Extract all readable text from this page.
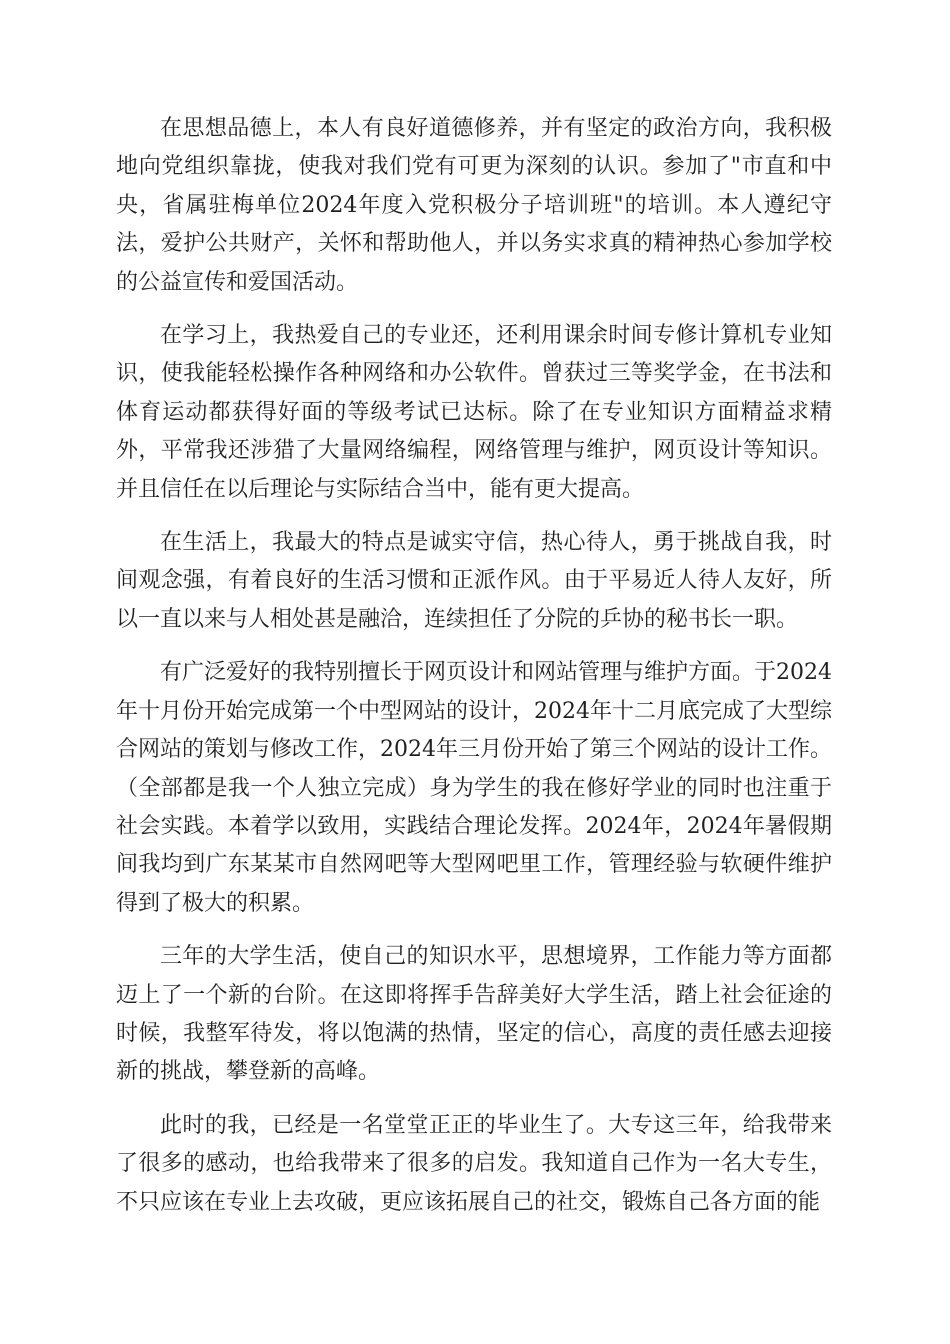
在思想品德上，本人有良好道德修养，并有坚定的政治方向，我积极地向党组织靠拢，使我对我们党有可更为深刻的认识。参加了"市直和中央，省属驻梅单位2024年度入党积极分子培训班"的培训。本人遵纪守法，爱护公共财产，关怀和帮助他人，并以务实求真的精神热心参加学校的公益宣传和爱国活动。

在学习上，我热爱自己的专业还，还利用课余时间专修计算机专业知识，使我能轻松操作各种网络和办公软件。曾获过三等奖学金，在书法和体育运动都获得好面的等级考试已达标。除了在专业知识方面精益求精外，平常我还涉猎了大量网络编程，网络管理与维护，网页设计等知识。并且信任在以后理论与实际结合当中，能有更大提高。

在生活上，我最大的特点是诚实守信，热心待人，勇于挑战自我，时间观念强，有着良好的生活习惯和正派作风。由于平易近人待人友好，所以一直以来与人相处甚是融洽，连续担任了分院的乒协的秘书长一职。

有广泛爱好的我特别擅长于网页设计和网站管理与维护方面。于2024年十月份开始完成第一个中型网站的设计，2024年十二月底完成了大型综合网站的策划与修改工作，2024年三月份开始了第三个网站的设计工作。（全部都是我一个人独立完成）身为学生的我在修好学业的同时也注重于社会实践。本着学以致用，实践结合理论发挥。2024年，2024年暑假期间我均到广东某某市自然网吧等大型网吧里工作，管理经验与软硬件维护得到了极大的积累。

三年的大学生活，使自己的知识水平，思想境界，工作能力等方面都迈上了一个新的台阶。在这即将挥手告辞美好大学生活，踏上社会征途的时候，我整军待发，将以饱满的热情，坚定的信心，高度的责任感去迎接新的挑战，攀登新的高峰。

此时的我，已经是一名堂堂正正的毕业生了。大专这三年，给我带来了很多的感动，也给我带来了很多的启发。我知道自己作为一名大专生，不只应该在专业上去攻破，更应该拓展自己的社交，锻炼自己各方面的能
